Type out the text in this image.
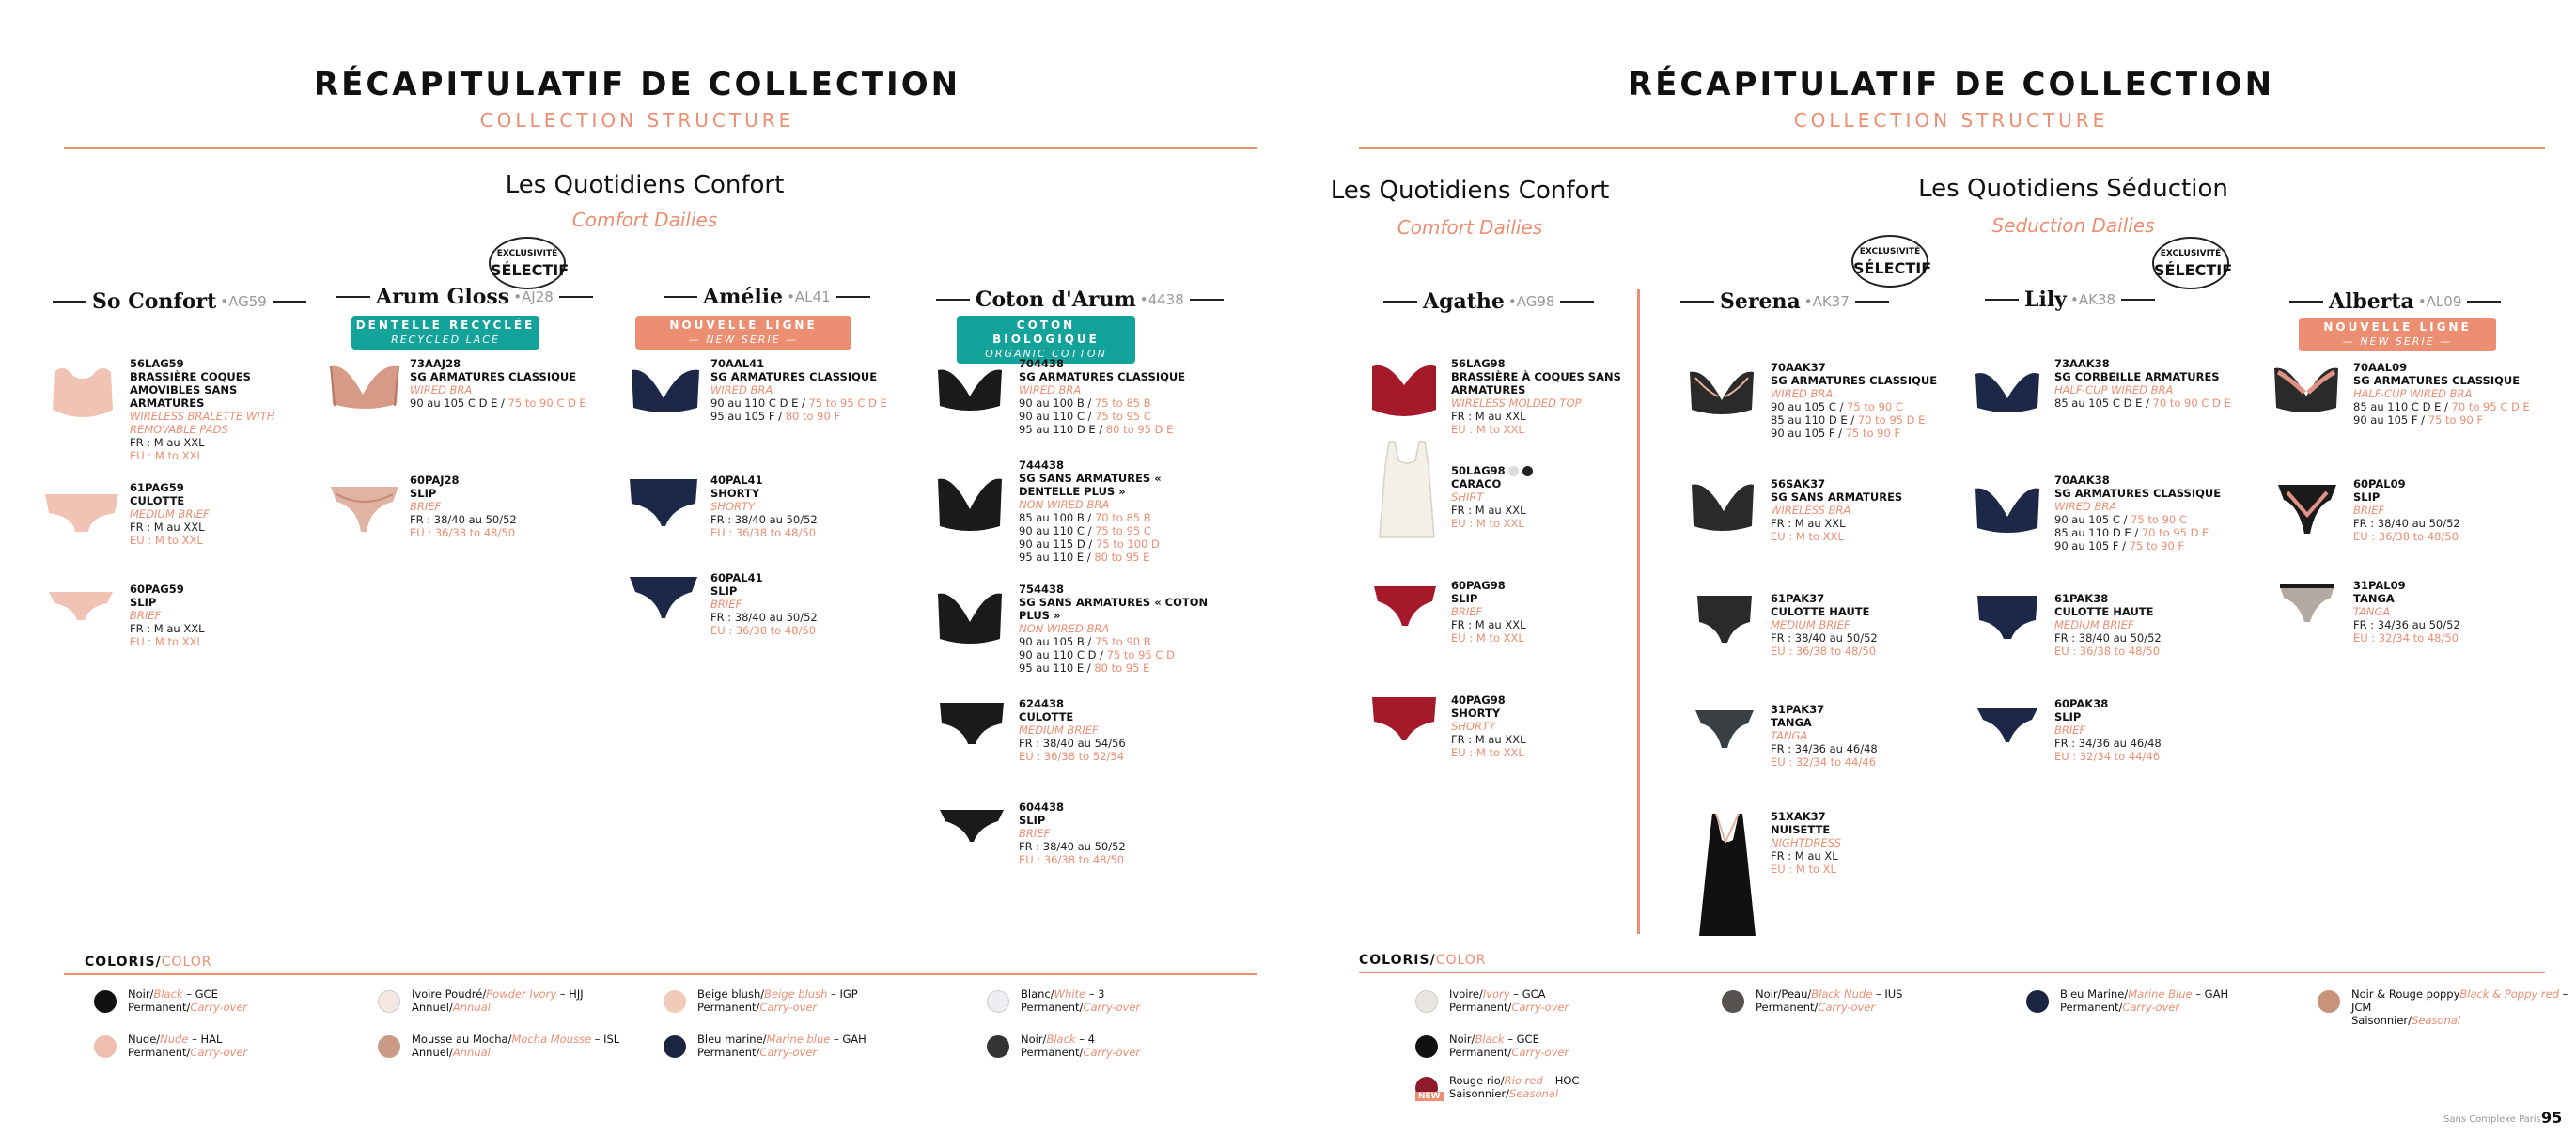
RÉCAPITULATIF DE COLLECTION
COLLECTION STRUCTURE
Les Quotidiens Confort
Comfort Dailies
EXCLUSIVITÉ
SÉLECTIF
So Confort •AG59	Arum Gloss •AJ28
DENTELLE RECYCLÉE
RECYCLED LACE
Amélie •AL41
NOUVELLE LIGNE
— NEW SERIE —
Coton d'Arum •4438
COTON BIOLOGIQUE
ORGANIC COTTON
56LAG59
BRASSIÈRE COQUES AMOVIBLES SANS ARMATURES
WIRELESS BRALETTE WITH REMOVABLE PADS
FR : M au XXL
EU : M to XXL
61PAG59
CULOTTE
MEDIUM BRIEF
FR : M au XXL
EU : M to XXL
60PAG59
SLIP
BRIEF
FR : M au XXL
EU : M to XXL
73AAJ28
SG ARMATURES CLASSIQUE
WIRED BRA
90 au 105 C D E / 75 to 90 C D E
60PAJ28
SLIP
BRIEF
FR : 38/40 au 50/52
EU : 36/38 to 48/50
70AAL41
SG ARMATURES CLASSIQUE
WIRED BRA
90 au 110 C D E / 75 to 95 C D E
95 au 105 F / 80 to 90 F
40PAL41
SHORTY
SHORTY
FR : 38/40 au 50/52
EU : 36/38 to 48/50
60PAL41
SLIP
BRIEF
FR : 38/40 au 50/52
EU : 36/38 to 48/50
704438
SG ARMATURES CLASSIQUE
WIRED BRA
90 au 100 B / 75 to 85 B
90 au 110 C / 75 to 95 C
95 au 110 D E / 80 to 95 D E
744438
SG SANS ARMATURES « DENTELLE PLUS »
NON WIRED BRA
85 au 100 B / 70 to 85 B
90 au 110 C / 75 to 95 C
90 au 115 D / 75 to 100 D
95 au 110 E / 80 to 95 E
754438
SG SANS ARMATURES « COTON PLUS »
NON WIRED BRA
90 au 105 B / 75 to 90 B
90 au 110 C D / 75 to 95 C D
95 au 110 E / 80 to 95 E
624438
CULOTTE
MEDIUM BRIEF
FR : 38/40 au 54/56
EU : 36/38 to 52/54
604438
SLIP
BRIEF
FR : 38/40 au 50/52
EU : 36/38 to 48/50
COLORIS/COLOR
Noir/Black – GCE
Permanent/Carry-over
Nude/Nude – HAL
Permanent/Carry-over
Ivoire Poudré/Powder Ivory – HJJ
Annuel/Annual
Mousse au Mocha/Mocha Mousse – ISL
Annuel/Annual
Beige blush/Beige blush – IGP
Permanent/Carry-over
Bleu marine/Marine blue – GAH
Permanent/Carry-over
Blanc/White – 3
Permanent/Carry-over
Noir/Black – 4
Permanent/Carry-over
RÉCAPITULATIF DE COLLECTION
COLLECTION STRUCTURE
Les Quotidiens Confort
Comfort Dailies
Les Quotidiens Séduction
Seduction Dailies
EXCLUSIVITÉ
SÉLECTIF
EXCLUSIVITÉ
SÉLECTIF
Agathe •AG98	Serena •AK37	Lily •AK38	Alberta •AL09
NOUVELLE LIGNE
— NEW SERIE —
56LAG98
BRASSIÈRE À COQUES SANS ARMATURES
WIRELESS MOLDED TOP
FR : M au XXL
EU : M to XXL
50LAG98
CARACO
SHIRT
FR : M au XXL
EU : M to XXL
60PAG98
SLIP
BRIEF
FR : M au XXL
EU : M to XXL
40PAG98
SHORTY
SHORTY
FR : M au XXL
EU : M to XXL
70AAK37
SG ARMATURES CLASSIQUE
WIRED BRA
90 au 105 C / 75 to 90 C
85 au 110 D E / 70 to 95 D E
90 au 105 F / 75 to 90 F
56SAK37
SG SANS ARMATURES
WIRELESS BRA
FR : M au XXL
EU : M to XXL
61PAK37
CULOTTE HAUTE
MEDIUM BRIEF
FR : 38/40 au 50/52
EU : 36/38 to 48/50
31PAK37
TANGA
TANGA
FR : 34/36 au 46/48
EU : 32/34 to 44/46
51XAK37
NUISETTE
NIGHTDRESS
FR : M au XL
EU : M to XL
73AAK38
SG CORBEILLE ARMATURES
HALF-CUP WIRED BRA
85 au 105 C D E / 70 to 90 C D E
70AAK38
SG ARMATURES CLASSIQUE
WIRED BRA
90 au 105 C / 75 to 90 C
85 au 110 D E / 70 to 95 D E
90 au 105 F / 75 to 90 F
61PAK38
CULOTTE HAUTE
MEDIUM BRIEF
FR : 38/40 au 50/52
EU : 36/38 to 48/50
60PAK38
SLIP
BRIEF
FR : 34/36 au 46/48
EU : 32/34 to 44/46
70AAL09
SG ARMATURES CLASSIQUE
HALF-CUP WIRED BRA
85 au 110 C D E / 70 to 95 C D E
90 au 105 F / 75 to 90 F
60PAL09
SLIP
BRIEF
FR : 38/40 au 50/52
EU : 36/38 to 48/50
31PAL09
TANGA
TANGA
FR : 34/36 au 50/52
EU : 32/34 to 48/50
COLORIS/COLOR
Ivoire/Ivory – GCA
Permanent/Carry-over
Noir/Black – GCE
Permanent/Carry-over
NEW
Rouge rio/Rio red – HOC
Saisonnier/Seasonal
Noir/Peau/Black Nude – IUS
Permanent/Carry-over
Bleu Marine/Marine Blue – GAH
Permanent/Carry-over
Noir & Rouge poppyBlack & Poppy red – JCM
Saisonnier/Seasonal
Sans Complexe Paris 95
